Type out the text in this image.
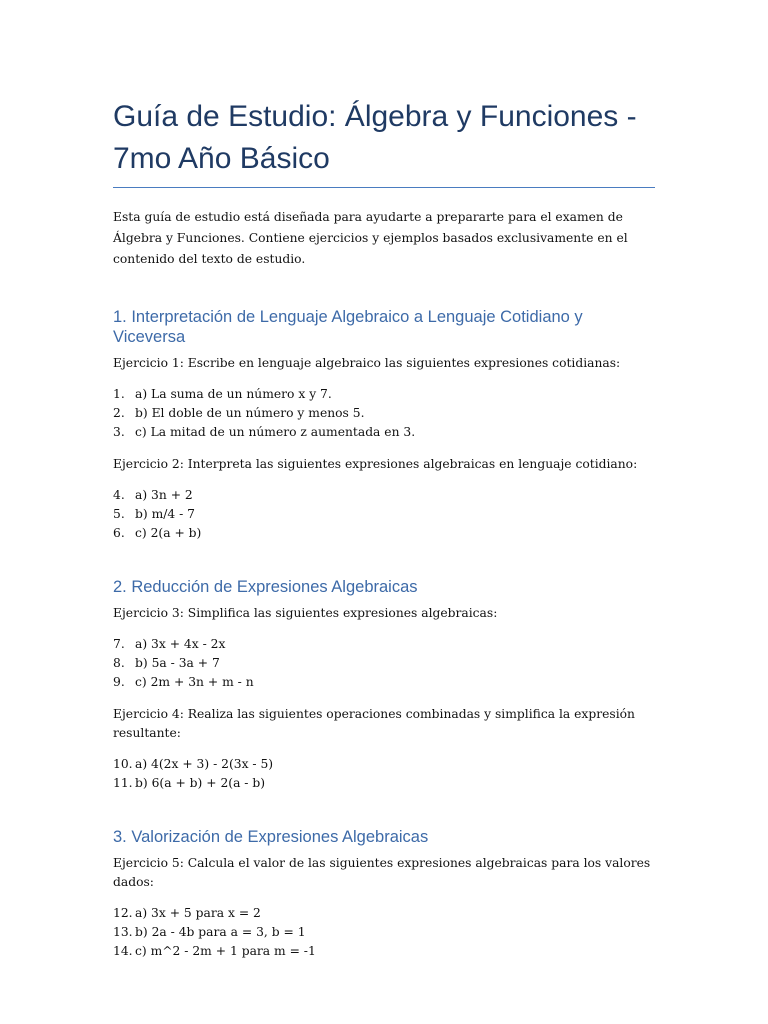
Guía de Estudio: Álgebra y Funciones - 7mo Año Básico

Esta guía de estudio está diseñada para ayudarte a prepararte para el examen de Álgebra y Funciones. Contiene ejercicios y ejemplos basados exclusivamente en el contenido del texto de estudio.

1. Interpretación de Lenguaje Algebraico a Lenguaje Cotidiano y Viceversa

Ejercicio 1: Escribe en lenguaje algebraico las siguientes expresiones cotidianas:

1. a) La suma de un número x y 7.
2. b) El doble de un número y menos 5.
3. c) La mitad de un número z aumentada en 3.

Ejercicio 2: Interpreta las siguientes expresiones algebraicas en lenguaje cotidiano:

4. a) 3n + 2
5. b) m/4 - 7
6. c) 2(a + b)
2. Reducción de Expresiones Algebraicas

Ejercicio 3: Simplifica las siguientes expresiones algebraicas:

7. a) 3x + 4x - 2x
8. b) 5a - 3a + 7
9. c) 2m + 3n + m - n

Ejercicio 4: Realiza las siguientes operaciones combinadas y simplifica la expresión resultante:

10. a) 4(2x + 3) - 2(3x - 5)
11. b) 6(a + b) + 2(a - b)
3. Valorización de Expresiones Algebraicas

Ejercicio 5: Calcula el valor de las siguientes expresiones algebraicas para los valores dados:

12. a) 3x + 5 para x = 2
13. b) 2a - 4b para a = 3, b = 1
14. c) m^2 - 2m + 1 para m = -1
